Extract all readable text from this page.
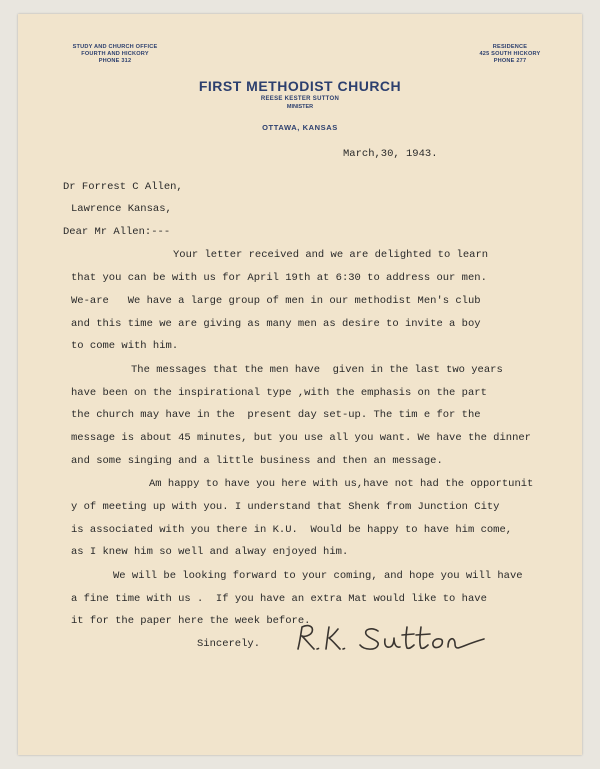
STUDY AND CHURCH OFFICE
FOURTH AND HICKORY
PHONE 312
RESIDENCE
425 SOUTH HICKORY
PHONE 277
FIRST METHODIST CHURCH
REESE KESTER SUTTON
MINISTER
OTTAWA, KANSAS
March,30, 1943.
Dr Forrest C Allen,
Lawrence Kansas,
Dear Mr Allen:---
Your letter received and we are delighted to learn
that you can be with us for April 19th at 6:30 to address our men.
We-are   We have a large group of men in our methodist Men's club
and this time we are giving as many men as desire to invite a boy
to come with him.
The messages that the men have  given in the last two years
have been on the inspirational type ,with the emphasis on the part
the church may have in the  present day set-up. The tim e for the
message is about 45 minutes, but you use all you want. We have the dinner
and some singing and a little business and then an message.
Am happy to have you here with us,have not had the opportunit
y of meeting up with you. I understand that Shenk from Junction City
is associated with you there in K.U.  Would be happy to have him come,
as I knew him so well and alway enjoyed him.
We will be looking forward to your coming, and hope you will have
a fine time with us .  If you have an extra Mat would like to have
it for the paper here the week before.
Sincerely.
